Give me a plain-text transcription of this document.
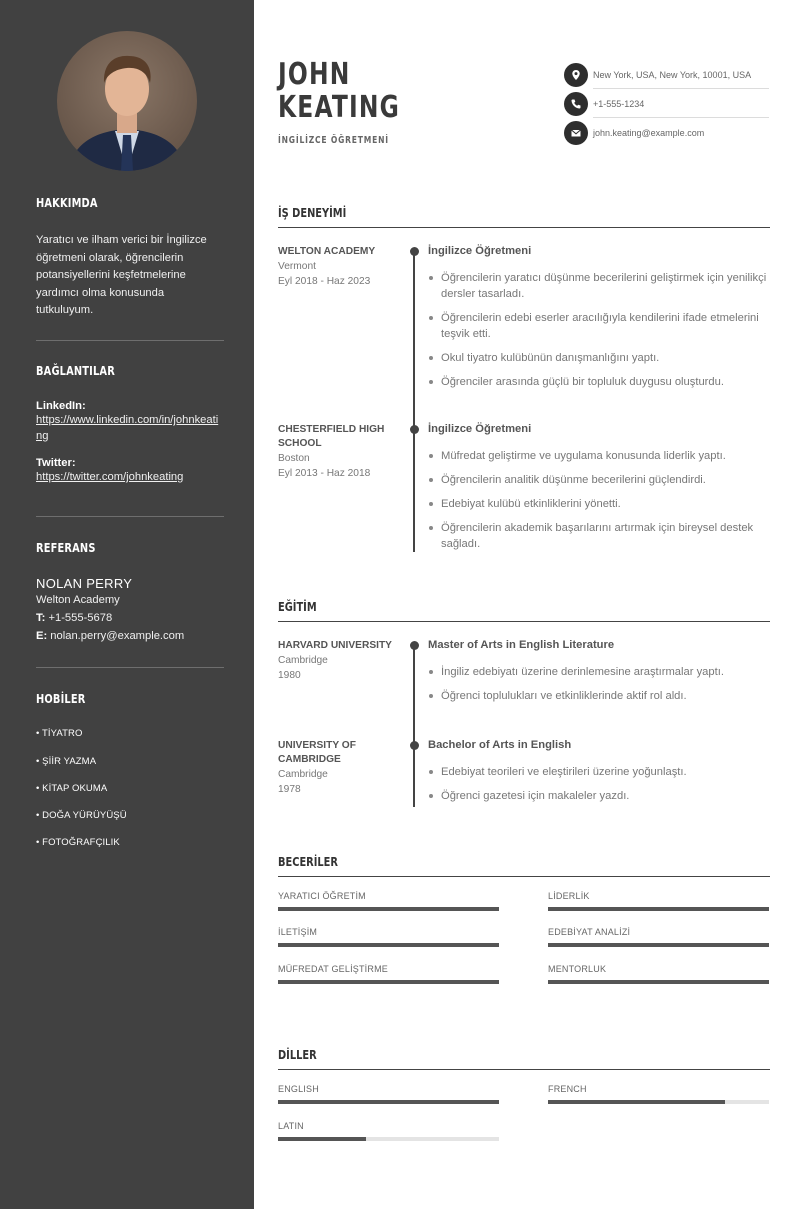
HAKKIMDA

Yaratıcı ve ilham verici bir İngilizce öğretmeni olarak, öğrencilerin potansiyellerini keşfetmelerine yardımcı olma konusunda tutkuluyum.

BAĞLANTILAR
LinkedIn:
https://www.linkedin.com/in/johnkeating
Twitter:
https://twitter.com/johnkeating
REFERANS
NOLAN PERRY
Welton Academy
T: +1-555-5678
E: nolan.perry@example.com
HOBİLER
• TİYATRO
• ŞİİR YAZMA
• KİTAP OKUMA
• DOĞA YÜRÜYÜŞÜ
• FOTOĞRAFÇILIK
JOHN
KEATING
İNGİLİZCE ÖĞRETMENİ
New York, USA, New York, 10001, USA
+1-555-1234
john.keating@example.com
İŞ DENEYİMİ
WELTON ACADEMY
Vermont
Eyl 2018 - Haz 2023
İngilizce Öğretmeni
Öğrencilerin yaratıcı düşünme becerilerini geliştirmek için yenilikçi dersler tasarladı.
Öğrencilerin edebi eserler aracılığıyla kendilerini ifade etmelerini teşvik etti.
Okul tiyatro kulübünün danışmanlığını yaptı.
Öğrenciler arasında güçlü bir topluluk duygusu oluşturdu.
CHESTERFIELD HIGH SCHOOL
Boston
Eyl 2013 - Haz 2018
İngilizce Öğretmeni
Müfredat geliştirme ve uygulama konusunda liderlik yaptı.
Öğrencilerin analitik düşünme becerilerini güçlendirdi.
Edebiyat kulübü etkinliklerini yönetti.
Öğrencilerin akademik başarılarını artırmak için bireysel destek sağladı.
EĞİTİM
HARVARD UNIVERSITY
Cambridge
1980
Master of Arts in English Literature
İngiliz edebiyatı üzerine derinlemesine araştırmalar yaptı.
Öğrenci toplulukları ve etkinliklerinde aktif rol aldı.
UNIVERSITY OF CAMBRIDGE
Cambridge
1978
Bachelor of Arts in English
Edebiyat teorileri ve eleştirileri üzerine yoğunlaştı.
Öğrenci gazetesi için makaleler yazdı.
BECERİLER
YARATICI ÖĞRETİM	LİDERLİK
İLETİŞİM	EDEBİYAT ANALİZİ
MÜFREDAT GELİŞTİRME	MENTORLUK
DİLLER
ENGLISH	FRENCH
LATIN
